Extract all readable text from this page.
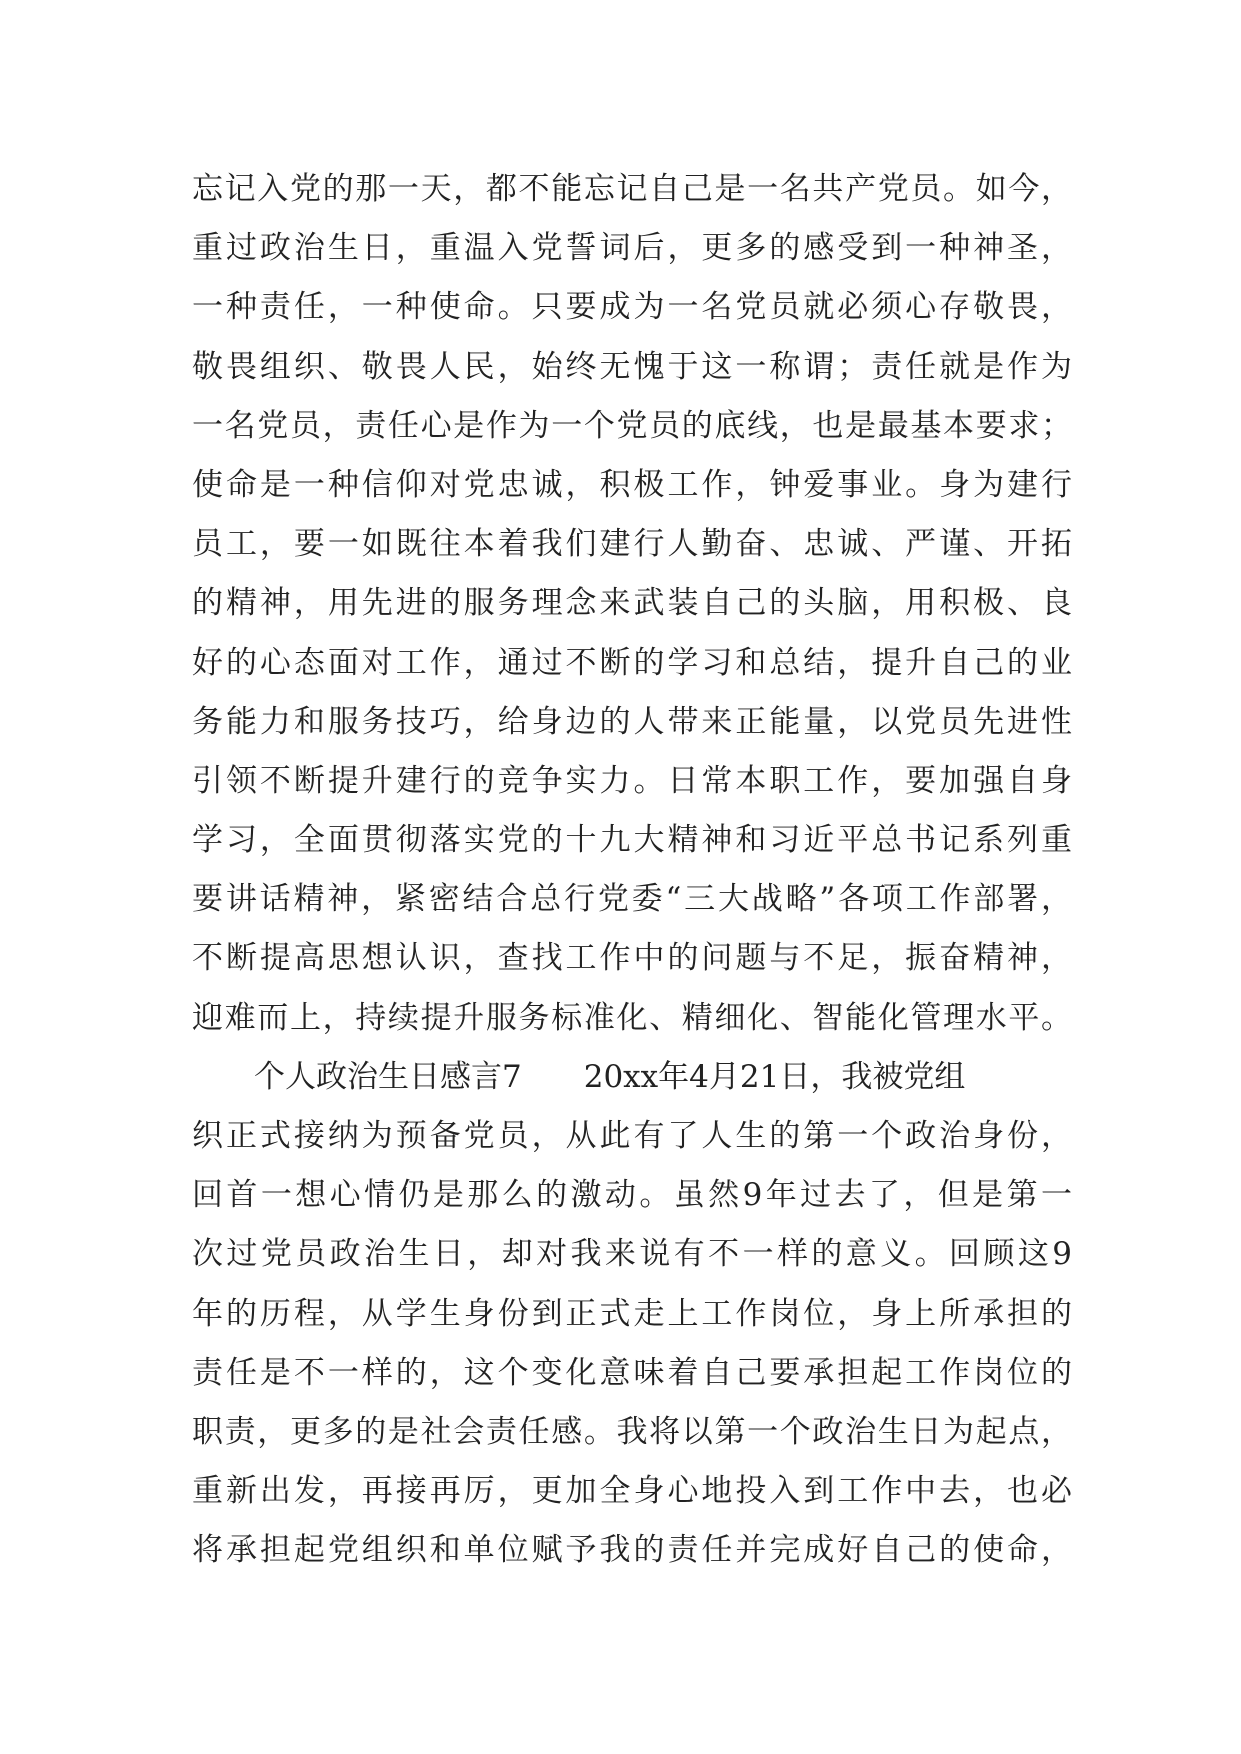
忘记入党的那一天，都不能忘记自己是一名共产党员。如今，
重过政治生日，重温入党誓词后，更多的感受到一种神圣，
一种责任，一种使命。只要成为一名党员就必须心存敬畏，
敬畏组织、敬畏人民，始终无愧于这一称谓；责任就是作为
一名党员，责任心是作为一个党员的底线，也是最基本要求；
使命是一种信仰对党忠诚，积极工作，钟爱事业。身为建行
员工，要一如既往本着我们建行人勤奋、忠诚、严谨、开拓
的精神，用先进的服务理念来武装自己的头脑，用积极、良
好的心态面对工作，通过不断的学习和总结，提升自己的业
务能力和服务技巧，给身边的人带来正能量，以党员先进性
引领不断提升建行的竞争实力。日常本职工作，要加强自身
学习，全面贯彻落实党的十九大精神和习近平总书记系列重
要讲话精神，紧密结合总行党委“三大战略”各项工作部署，
不断提高思想认识，查找工作中的问题与不足，振奋精神，
迎难而上，持续提升服务标准化、精细化、智能化管理水平。
个人政治生日感言7 20xx年4月21日，我被党组
织正式接纳为预备党员，从此有了人生的第一个政治身份，
回首一想心情仍是那么的激动。虽然9年过去了，但是第一
次过党员政治生日，却对我来说有不一样的意义。回顾这9
年的历程，从学生身份到正式走上工作岗位，身上所承担的
责任是不一样的，这个变化意味着自己要承担起工作岗位的
职责，更多的是社会责任感。我将以第一个政治生日为起点，
重新出发，再接再厉，更加全身心地投入到工作中去，也必
将承担起党组织和单位赋予我的责任并完成好自己的使命，
